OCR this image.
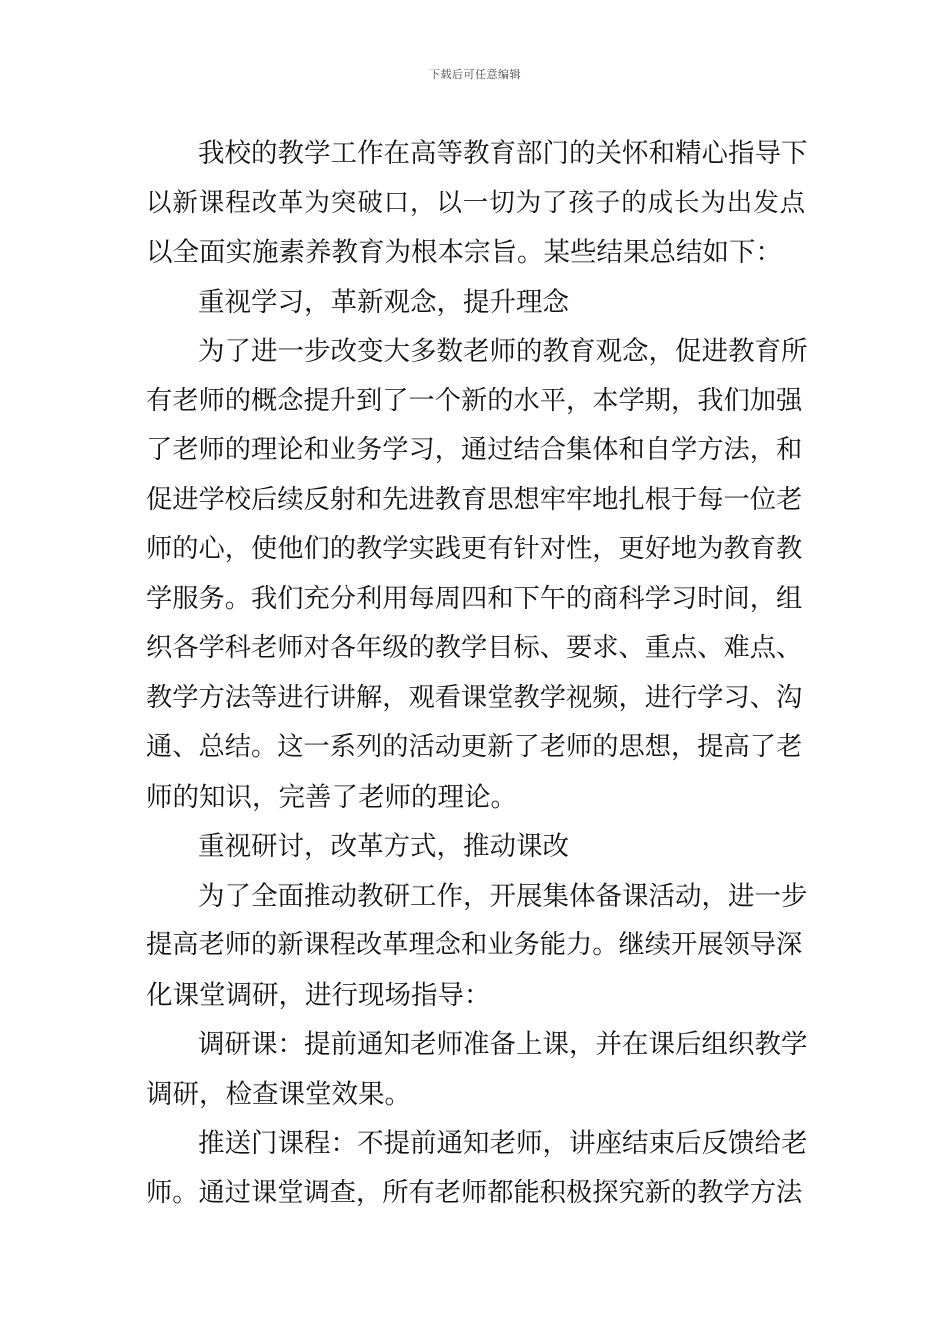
下载后可任意编辑
我校的教学工作在高等教育部门的关怀和精心指导下
以新课程改革为突破口，以一切为了孩子的成长为出发点
以全面实施素养教育为根本宗旨。某些结果总结如下：
重视学习，革新观念，提升理念
为了进一步改变大多数老师的教育观念，促进教育所
有老师的概念提升到了一个新的水平，本学期，我们加强
了老师的理论和业务学习，通过结合集体和自学方法，和
促进学校后续反射和先进教育思想牢牢地扎根于每一位老
师的心，使他们的教学实践更有针对性，更好地为教育教
学服务。我们充分利用每周四和下午的商科学习时间，组
织各学科老师对各年级的教学目标、要求、重点、难点、
教学方法等进行讲解，观看课堂教学视频，进行学习、沟
通、总结。这一系列的活动更新了老师的思想，提高了老
师的知识，完善了老师的理论。
重视研讨，改革方式，推动课改
为了全面推动教研工作，开展集体备课活动，进一步
提高老师的新课程改革理念和业务能力。继续开展领导深
化课堂调研，进行现场指导：
调研课：提前通知老师准备上课，并在课后组织教学
调研，检查课堂效果。
推送门课程：不提前通知老师，讲座结束后反馈给老
师。通过课堂调查，所有老师都能积极探究新的教学方法
